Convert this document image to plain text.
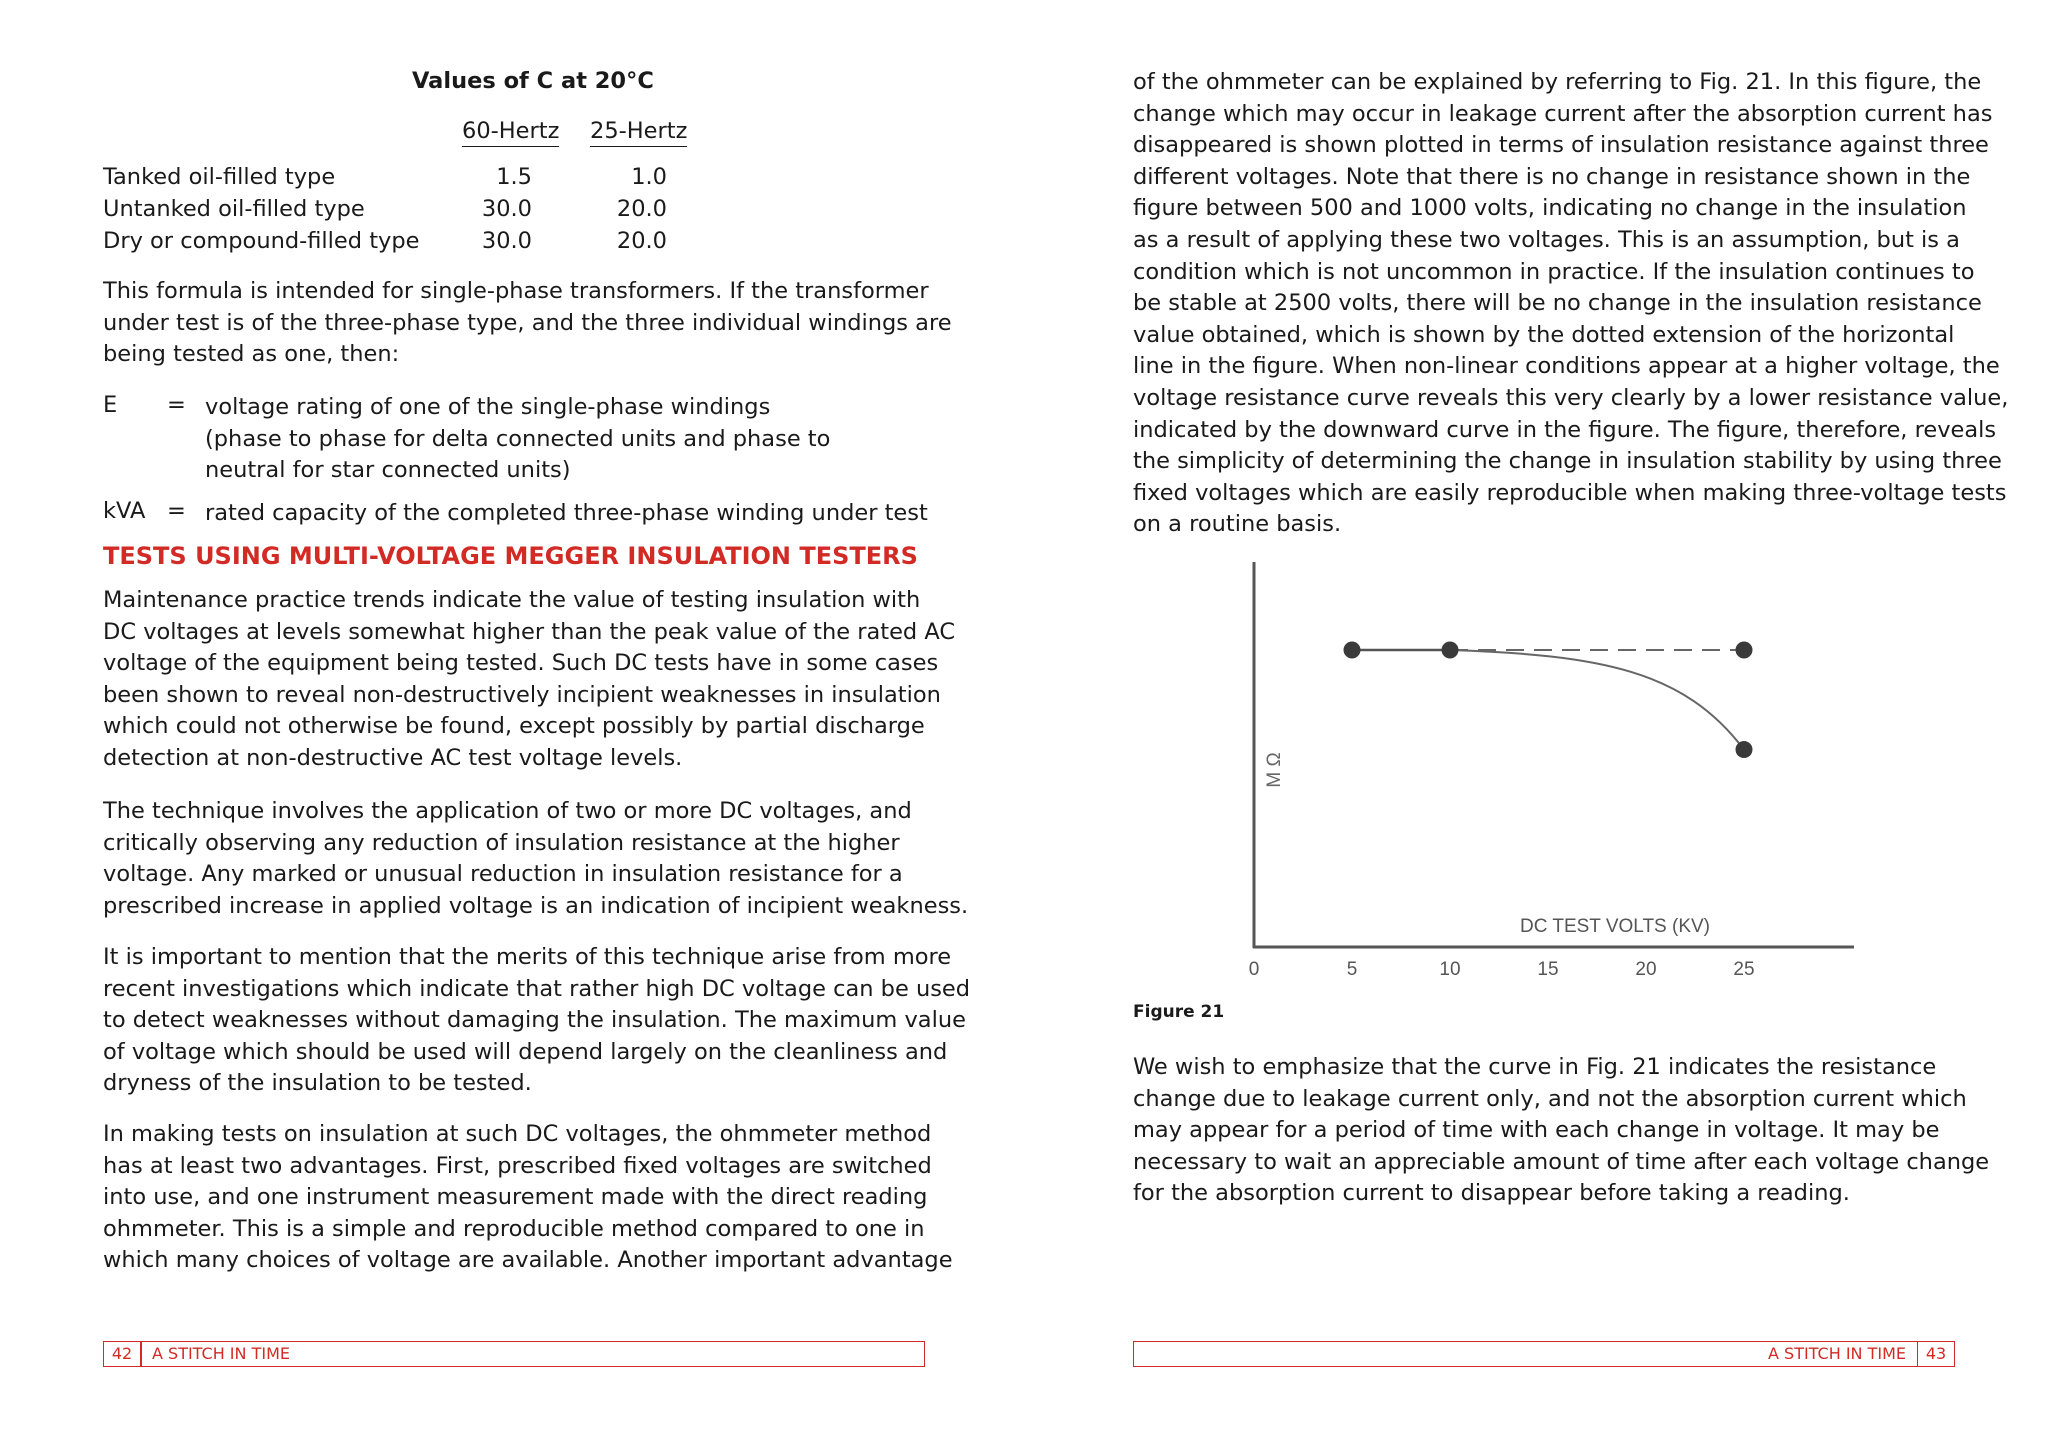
Values of C at 20°C
60-Hertz 25-Hertz
Tanked oil-filled type	1.5	1.0
Untanked oil-filled type	30.0	20.0
Dry or compound-filled type	30.0	20.0

This formula is intended for single-phase transformers. If the transformer
under test is of the three-phase type, and the three individual windings are
being tested as one, then:

E = voltage rating of one of the single-phase windings
(phase to phase for delta connected units and phase to
neutral for star connected units)
kVA = rated capacity of the completed three-phase winding under test
TESTS USING MULTI-VOLTAGE MEGGER INSULATION TESTERS

Maintenance practice trends indicate the value of testing insulation with
DC voltages at levels somewhat higher than the peak value of the rated AC
voltage of the equipment being tested. Such DC tests have in some cases
been shown to reveal non-destructively incipient weaknesses in insulation
which could not otherwise be found, except possibly by partial discharge
detection at non-destructive AC test voltage levels.

The technique involves the application of two or more DC voltages, and
critically observing any reduction of insulation resistance at the higher
voltage. Any marked or unusual reduction in insulation resistance for a
prescribed increase in applied voltage is an indication of incipient weakness.

It is important to mention that the merits of this technique arise from more
recent investigations which indicate that rather high DC voltage can be used
to detect weaknesses without damaging the insulation. The maximum value
of voltage which should be used will depend largely on the cleanliness and
dryness of the insulation to be tested.

In making tests on insulation at such DC voltages, the ohmmeter method
has at least two advantages. First, prescribed fixed voltages are switched
into use, and one instrument measurement made with the direct reading
ohmmeter. This is a simple and reproducible method compared to one in
which many choices of voltage are available. Another important advantage

42	A STITCH IN TIME

of the ohmmeter can be explained by referring to Fig. 21. In this figure, the
change which may occur in leakage current after the absorption current has
disappeared is shown plotted in terms of insulation resistance against three
different voltages. Note that there is no change in resistance shown in the
figure between 500 and 1000 volts, indicating no change in the insulation
as a result of applying these two voltages. This is an assumption, but is a
condition which is not uncommon in practice. If the insulation continues to
be stable at 2500 volts, there will be no change in the insulation resistance
value obtained, which is shown by the dotted extension of the horizontal
line in the figure. When non-linear conditions appear at a higher voltage, the
voltage resistance curve reveals this very clearly by a lower resistance value,
indicated by the downward curve in the figure. The figure, therefore, reveals
the simplicity of determining the change in insulation stability by using three
fixed voltages which are easily reproducible when making three-voltage tests
on a routine basis.

We wish to emphasize that the curve in Fig. 21 indicates the resistance
change due to leakage current only, and not the absorption current which
may appear for a period of time with each change in voltage. It may be
necessary to wait an appreciable amount of time after each voltage change
for the absorption current to disappear before taking a reading.

A STITCH IN TIME	43
Figure 21
M Ω
DC TEST VOLTS (KV)
0	5	10	15	20	25
